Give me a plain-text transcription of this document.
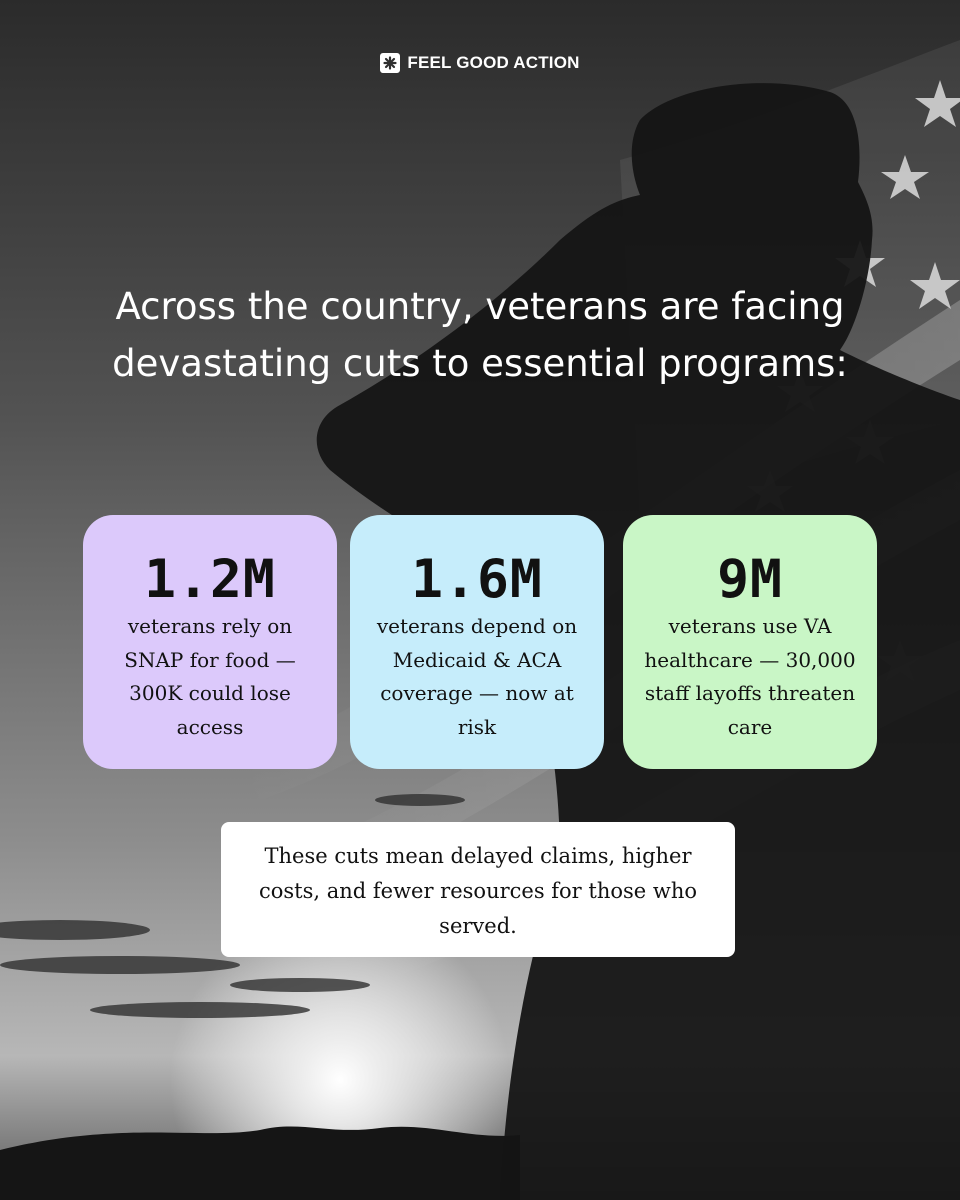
FEEL GOOD ACTION
Across the country, veterans are facing devastating cuts to essential programs:
1.2M
veterans rely on SNAP for food — 300K could lose access
1.6M
veterans depend on Medicaid & ACA coverage — now at risk
9M
veterans use VA healthcare — 30,000 staff layoffs threaten care
These cuts mean delayed claims, higher costs, and fewer resources for those who served.
